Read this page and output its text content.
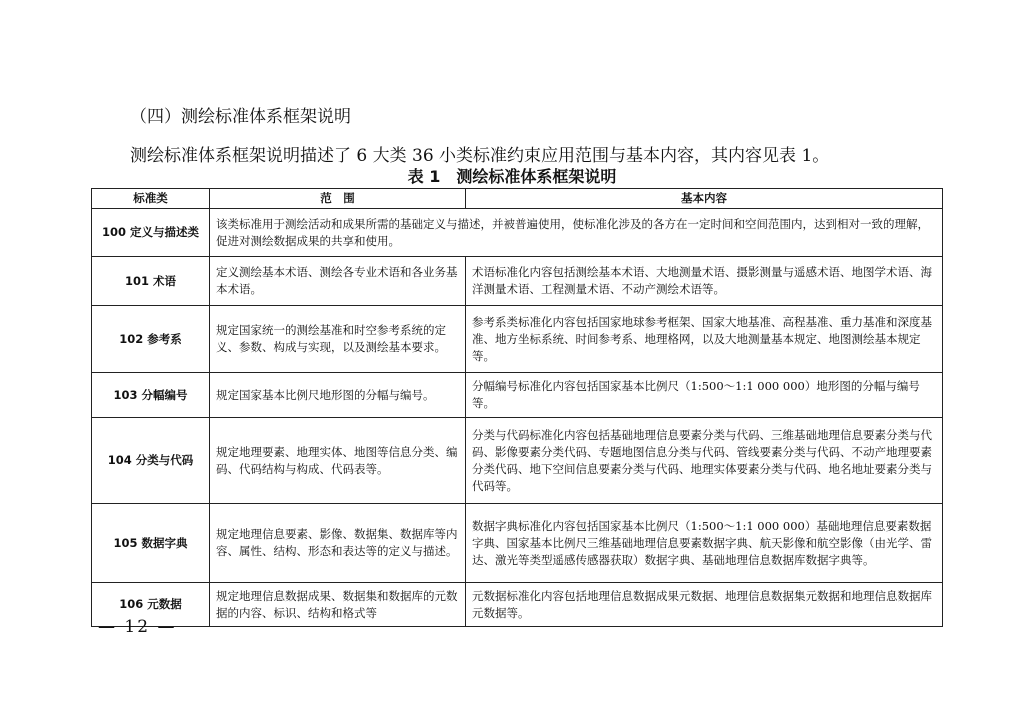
（四）测绘标准体系框架说明
测绘标准体系框架说明描述了 6 大类 36 小类标准约束应用范围与基本内容，其内容见表 1。
表 1　测绘标准体系框架说明
标准类	范　围	基本内容
100 定义与描述类	该类标准用于测绘活动和成果所需的基础定义与描述，并被普遍使用，使标准化涉及的各方在一定时间和空间范围内，达到相对一致的理解，促进对测绘数据成果的共享和使用。	
101 术语	定义测绘基本术语、测绘各专业术语和各业务基本术语。	术语标准化内容包括测绘基本术语、大地测量术语、摄影测量与遥感术语、地图学术语、海洋测量术语、工程测量术语、不动产测绘术语等。
102 参考系	规定国家统一的测绘基准和时空参考系统的定义、参数、构成与实现，以及测绘基本要求。	参考系类标准化内容包括国家地球参考框架、国家大地基准、高程基准、重力基准和深度基准、地方坐标系统、时间参考系、地理格网，以及大地测量基本规定、地图测绘基本规定等。
103 分幅编号	规定国家基本比例尺地形图的分幅与编号。	分幅编号标准化内容包括国家基本比例尺（1:500～1:1 000 000）地形图的分幅与编号等。
104 分类与代码	规定地理要素、地理实体、地图等信息分类、编码、代码结构与构成、代码表等。	分类与代码标准化内容包括基础地理信息要素分类与代码、三维基础地理信息要素分类与代码、影像要素分类代码、专题地图信息分类与代码、管线要素分类与代码、不动产地理要素分类代码、地下空间信息要素分类与代码、地理实体要素分类与代码、地名地址要素分类与代码等。
105 数据字典	规定地理信息要素、影像、数据集、数据库等内容、属性、结构、形态和表达等的定义与描述。	数据字典标准化内容包括国家基本比例尺（1:500～1:1 000 000）基础地理信息要素数据字典、国家基本比例尺三维基础地理信息要素数据字典、航天影像和航空影像（由光学、雷达、激光等类型遥感传感器获取）数据字典、基础地理信息数据库数据字典等。
106 元数据	规定地理信息数据成果、数据集和数据库的元数据的内容、标识、结构和格式等	元数据标准化内容包括地理信息数据成果元数据、地理信息数据集元数据和地理信息数据库元数据等。
— 12 —
